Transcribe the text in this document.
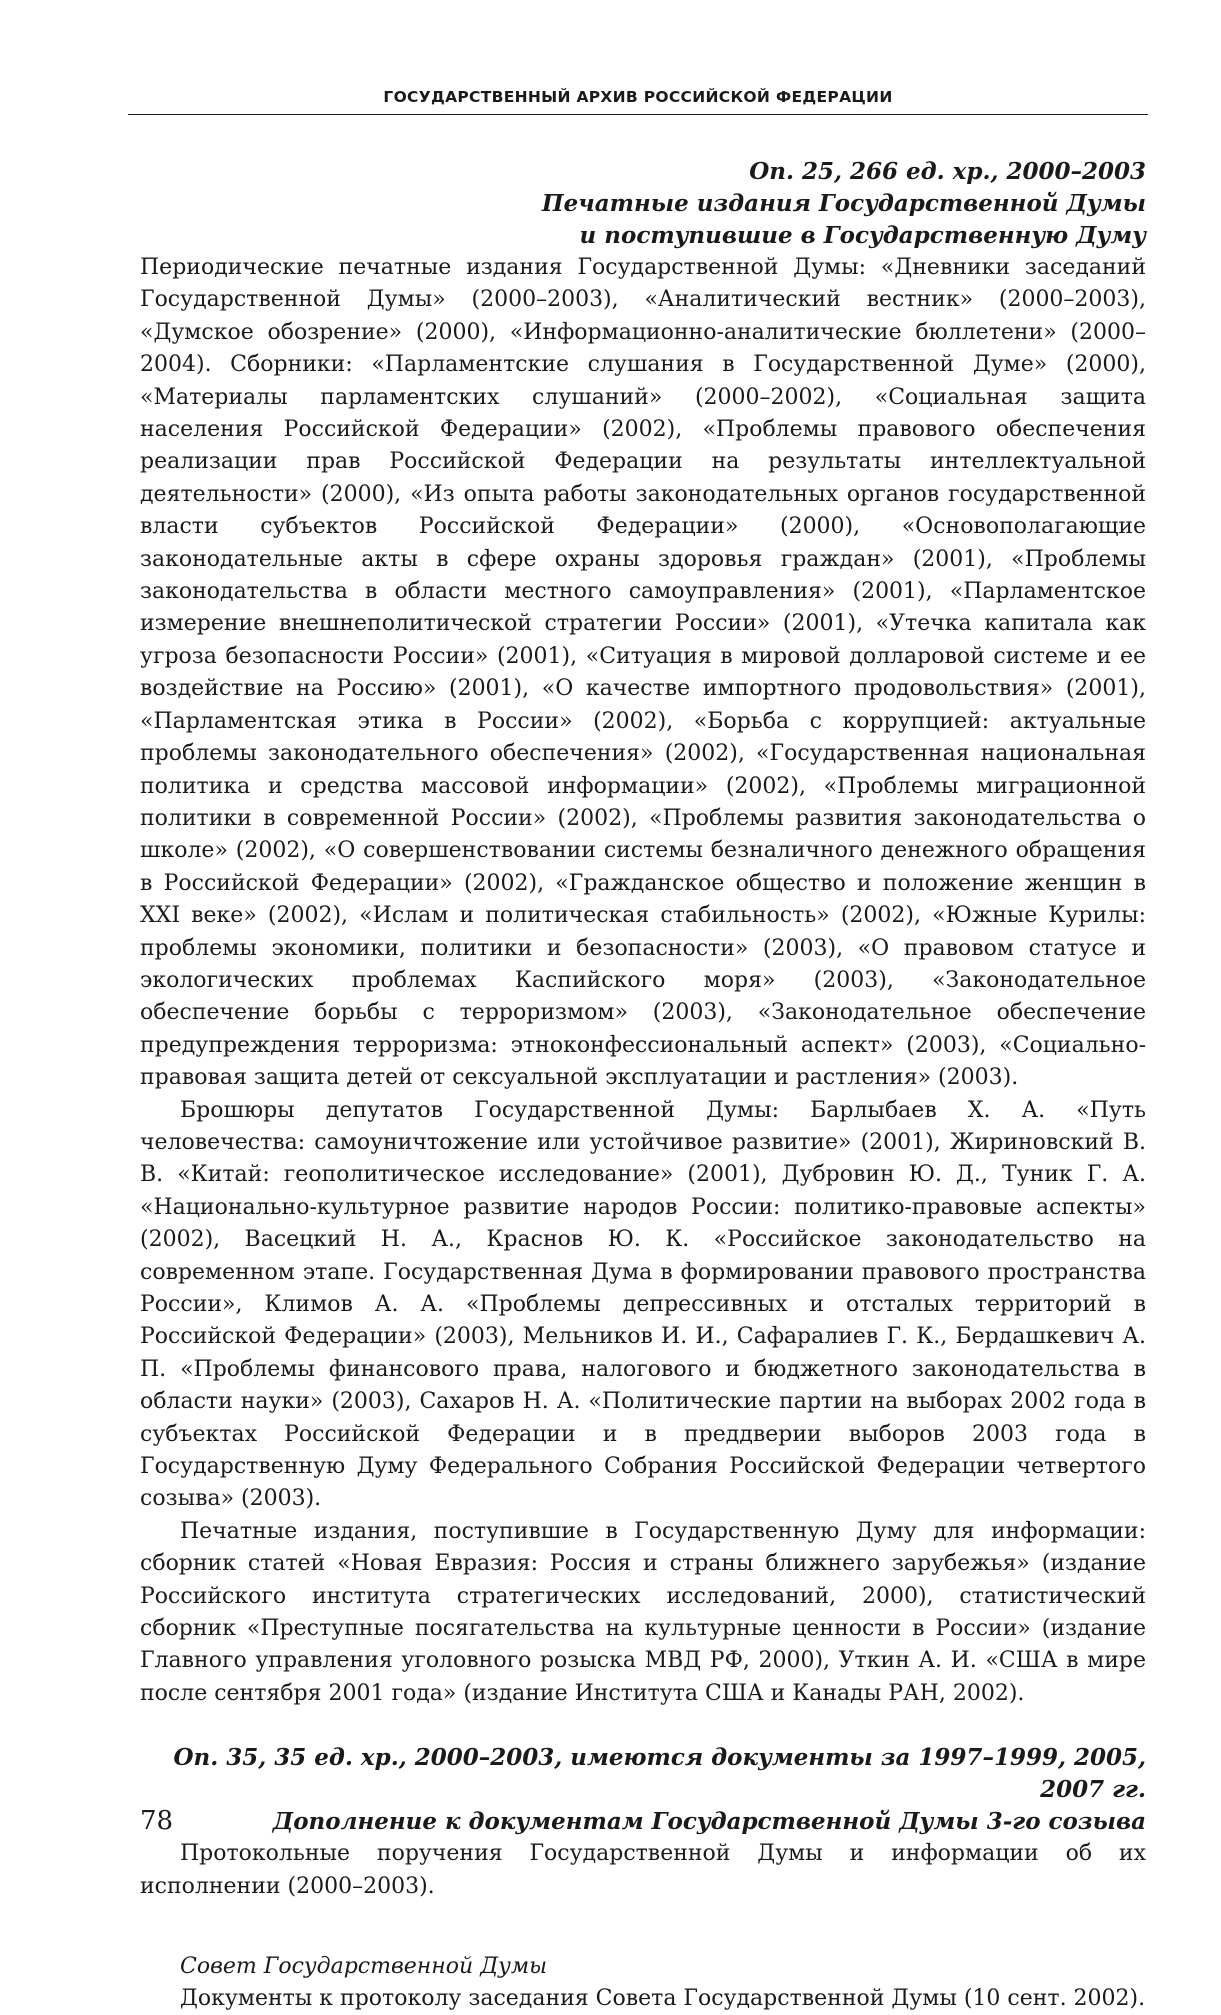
ГОСУДАРСТВЕННЫЙ АРХИВ РОССИЙСКОЙ ФЕДЕРАЦИИ
Оп. 25, 266 ед. хр., 2000–2003
Печатные издания Государственной Думы
и поступившие в Государственную Думу

Периодические печатные издания Государственной Думы: «Дневники заседаний Государственной Думы» (2000–2003), «Аналитический вестник» (2000–2003), «Думское обозрение» (2000), «Информационно-аналитические бюллетени» (2000–2004). Сборники: «Парламентские слушания в Государственной Думе» (2000), «Материалы парламентских слушаний» (2000–2002), «Социальная защита населения Российской Федерации» (2002), «Проблемы правового обеспечения реализации прав Российской Федерации на результаты интеллектуальной деятельности» (2000), «Из опыта работы законодательных органов государственной власти субъектов Российской Федерации» (2000), «Основополагающие законодательные акты в сфере охраны здоровья граждан» (2001), «Проблемы законодательства в области местного самоуправления» (2001), «Парламентское измерение внешнеполитической стратегии России» (2001), «Утечка капитала как угроза безопасности России» (2001), «Ситуация в мировой долларовой системе и ее воздействие на Россию» (2001), «О качестве импортного продовольствия» (2001), «Парламентская этика в России» (2002), «Борьба с коррупцией: актуальные проблемы законодательного обеспечения» (2002), «Государственная национальная политика и средства массовой информации» (2002), «Проблемы миграционной политики в современной России» (2002), «Проблемы развития законодательства о школе» (2002), «О совершенствовании системы безналичного денежного обращения в Российской Федерации» (2002), «Гражданское общество и положение женщин в XXI веке» (2002), «Ислам и политическая стабильность» (2002), «Южные Курилы: проблемы экономики, политики и безопасности» (2003), «О правовом статусе и экологических проблемах Каспийского моря» (2003), «Законодательное обеспечение борьбы с терроризмом» (2003), «Законодательное обеспечение предупреждения терроризма: этноконфессиональный аспект» (2003), «Социально-правовая защита детей от сексуальной эксплуатации и растления» (2003).

Брошюры депутатов Государственной Думы: Барлыбаев Х. А. «Путь человечества: самоуничтожение или устойчивое развитие» (2001), Жириновский В. В. «Китай: геополитическое исследование» (2001), Дубровин Ю. Д., Туник Г. А. «Национально-культурное развитие народов России: политико-правовые аспекты» (2002), Васецкий Н. А., Краснов Ю. К. «Российское законодательство на современном этапе. Государственная Дума в формировании правового пространства России», Климов А. А. «Проблемы депрессивных и отсталых территорий в Российской Федерации» (2003), Мельников И. И., Сафаралиев Г. К., Бердашкевич А. П. «Проблемы финансового права, налогового и бюджетного законодательства в области науки» (2003), Сахаров Н. А. «Политические партии на выборах 2002 года в субъектах Российской Федерации и в преддверии выборов 2003 года в Государственную Думу Федерального Собрания Российской Федерации четвертого созыва» (2003).

Печатные издания, поступившие в Государственную Думу для информации: сборник статей «Новая Евразия: Россия и страны ближнего зарубежья» (издание Российского института стратегических исследований, 2000), статистический сборник «Преступные посягательства на культурные ценности в России» (издание Главного управления уголовного розыска МВД РФ, 2000), Уткин А. И. «США в мире после сентября 2001 года» (издание Института США и Канады РАН, 2002).

Оп. 35, 35 ед. хр., 2000–2003, имеются документы за 1997–1999, 2005, 2007 гг.
Дополнение к документам Государственной Думы 3-го созыва

Протокольные поручения Государственной Думы и информации об их исполнении (2000–2003).

Совет Государственной Думы
Документы к протоколу заседания Совета Государственной Думы (10 сент. 2002).
78
